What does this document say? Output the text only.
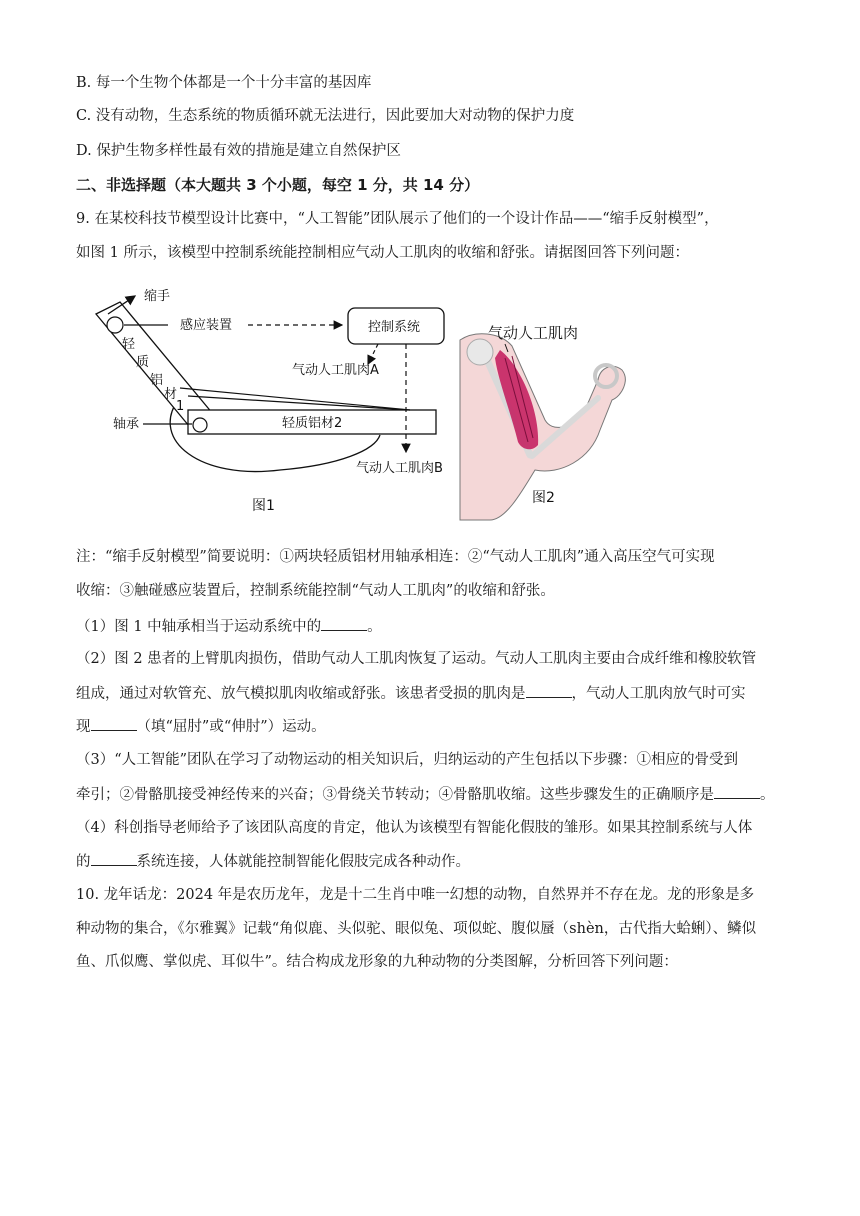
B. 每一个生物个体都是一个十分丰富的基因库
C. 没有动物，生态系统的物质循环就无法进行，因此要加大对动物的保护力度
D. 保护生物多样性最有效的措施是建立自然保护区
二、非选择题（本大题共 3 个小题，每空 1 分，共 14 分）
9. 在某校科技节模型设计比赛中，“人工智能”团队展示了他们的一个设计作品——“缩手反射模型”，
如图 1 所示，该模型中控制系统能控制相应气动人工肌肉的收缩和舒张。请据图回答下列问题：
缩手
感应装置	控制系统
气动人工肌肉A
轻
质
铝
材
1
轴承	轻质铝材2
气动人工肌肉B
图1
气动人工肌肉
图2
注：“缩手反射模型”简要说明：①两块轻质铝材用轴承相连：②“气动人工肌肉”通入高压空气可实现
收缩：③触碰感应装置后，控制系统能控制“气动人工肌肉”的收缩和舒张。
（1）图 1 中轴承相当于运动系统中的	。
（2）图 2 患者的上臂肌肉损伤，借助气动人工肌肉恢复了运动。气动人工肌肉主要由合成纤维和橡胶软管
组成，通过对软管充、放气模拟肌肉收缩或舒张。该患者受损的肌肉是	，气动人工肌肉放气时可实
现	（填“屈肘”或“伸肘”）运动。
（3）“人工智能”团队在学习了动物运动的相关知识后，归纳运动的产生包括以下步骤：①相应的骨受到
牵引；②骨骼肌接受神经传来的兴奋；③骨绕关节转动；④骨骼肌收缩。这些步骤发生的正确顺序是	。
（4）科创指导老师给予了该团队高度的肯定，他认为该模型有智能化假肢的雏形。如果其控制系统与人体
的	系统连接，人体就能控制智能化假肢完成各种动作。
10. 龙年话龙：2024 年是农历龙年，龙是十二生肖中唯一幻想的动物，自然界并不存在龙。龙的形象是多
种动物的集合，《尔雅翼》记载“角似鹿、头似驼、眼似兔、项似蛇、腹似蜃（shèn，古代指大蛤蜊）、鳞似
鱼、爪似鹰、掌似虎、耳似牛”。结合构成龙形象的九种动物的分类图解，分析回答下列问题：
